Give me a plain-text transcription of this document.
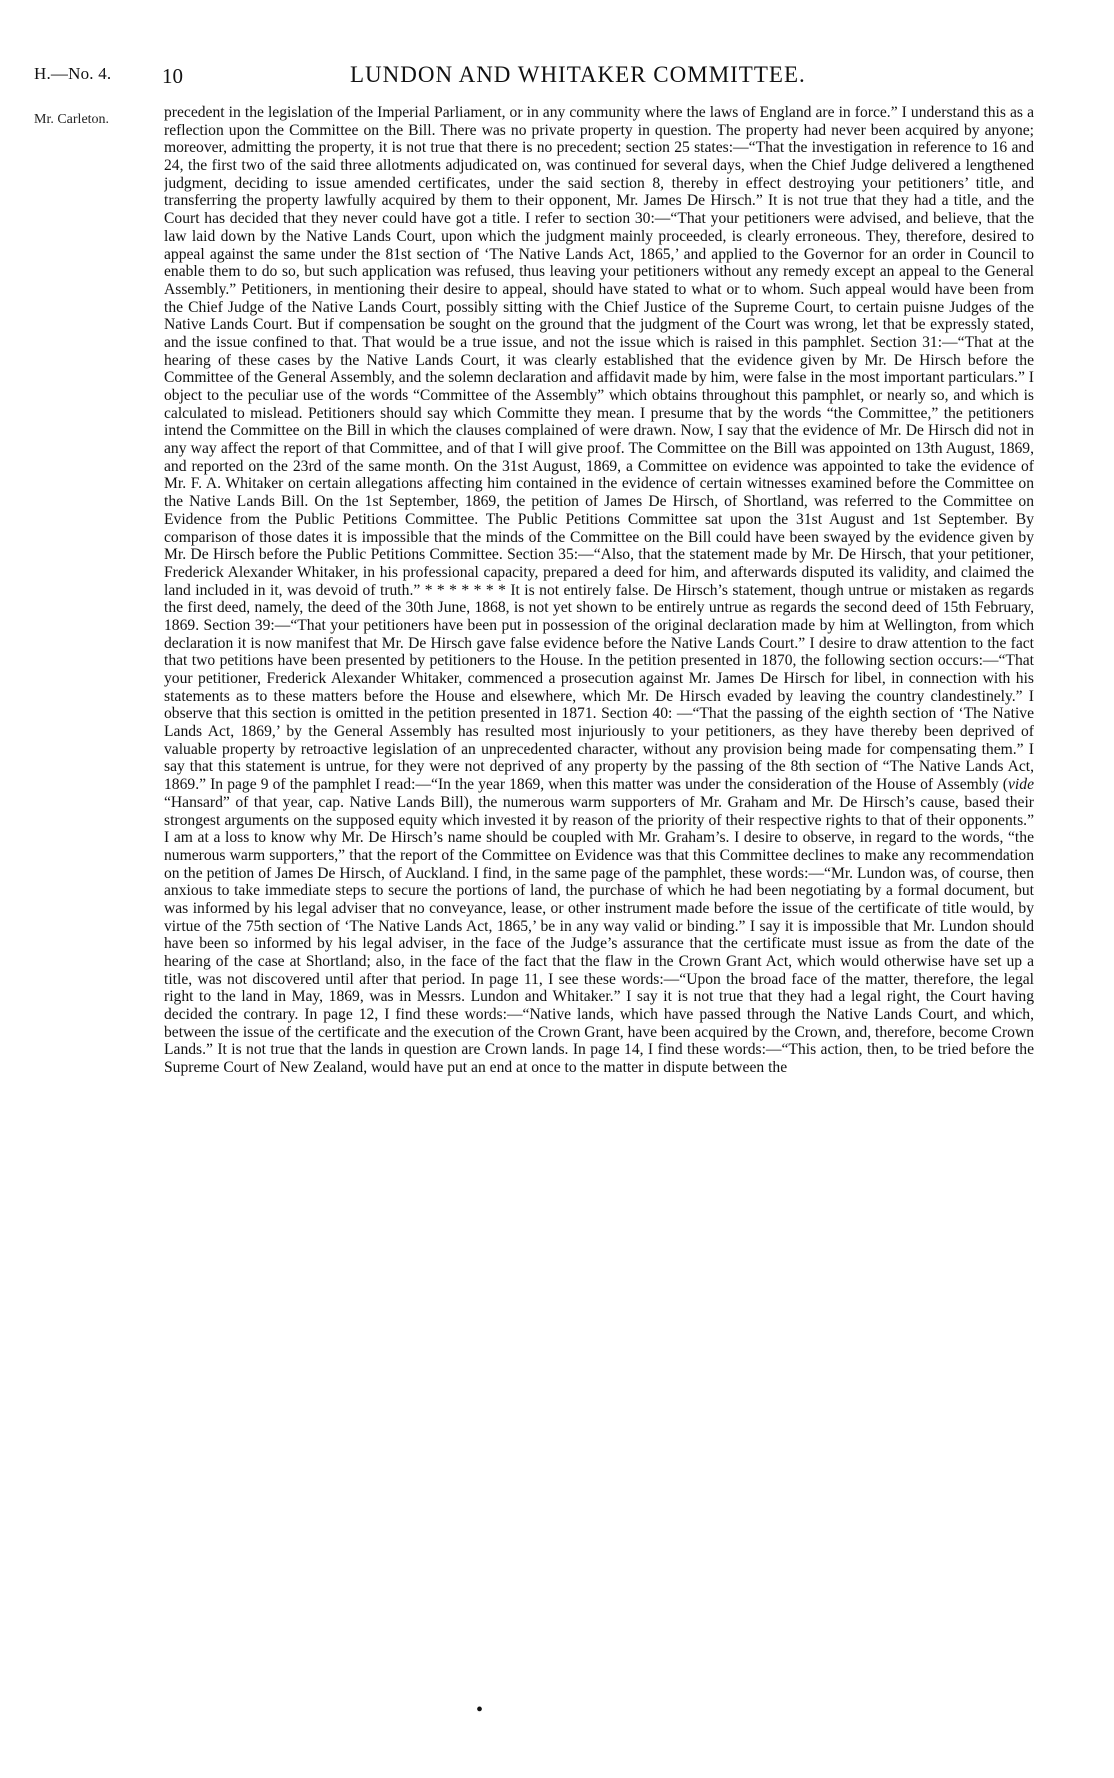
H.—No. 4. 10	LUNDON AND WHITAKER COMMITTEE.
Mr. Carleton.	precedent in the legislation of the Imperial Parliament, or in any community where the laws of England are in force.” I understand this as a reflection upon the Committee on the Bill. There was no private property in question. The property had never been acquired by anyone; moreover, admitting the property, it is not true that there is no precedent; section 25 states:—“That the investigation in reference to 16 and 24, the first two of the said three allotments adjudicated on, was continued for several days, when the Chief Judge delivered a lengthened judgment, deciding to issue amended certificates, under the said section 8, thereby in effect destroying your petitioners’ title, and transferring the property lawfully acquired by them to their opponent, Mr. James De Hirsch.” It is not true that they had a title, and the Court has decided that they never could have got a title. I refer to section 30:—“That your petitioners were advised, and believe, that the law laid down by the Native Lands Court, upon which the judgment mainly proceeded, is clearly erroneous. They, therefore, desired to appeal against the same under the 81st section of ‘The Native Lands Act, 1865,’ and applied to the Governor for an order in Council to enable them to do so, but such application was refused, thus leaving your petitioners without any remedy except an appeal to the General Assembly.” Petitioners, in mentioning their desire to appeal, should have stated to what or to whom. Such appeal would have been from the Chief Judge of the Native Lands Court, possibly sitting with the Chief Justice of the Supreme Court, to certain puisne Judges of the Native Lands Court. But if compensation be sought on the ground that the judgment of the Court was wrong, let that be expressly stated, and the issue confined to that. That would be a true issue, and not the issue which is raised in this pamphlet. Section 31:—“That at the hearing of these cases by the Native Lands Court, it was clearly established that the evidence given by Mr. De Hirsch before the Committee of the General Assembly, and the solemn declaration and affidavit made by him, were false in the most important particulars.” I object to the peculiar use of the words “Committee of the Assembly” which obtains throughout this pamphlet, or nearly so, and which is calculated to mislead. Petitioners should say which Committe they mean. I presume that by the words “the Committee,” the petitioners intend the Committee on the Bill in which the clauses complained of were drawn. Now, I say that the evidence of Mr. De Hirsch did not in any way affect the report of that Committee, and of that I will give proof. The Committee on the Bill was appointed on 13th August, 1869, and reported on the 23rd of the same month. On the 31st August, 1869, a Committee on evidence was appointed to take the evidence of Mr. F. A. Whitaker on certain allegations affecting him contained in the evidence of certain witnesses examined before the Committee on the Native Lands Bill. On the 1st September, 1869, the petition of James De Hirsch, of Shortland, was referred to the Committee on Evidence from the Public Petitions Committee. The Public Petitions Committee sat upon the 31st August and 1st September. By comparison of those dates it is impossible that the minds of the Committee on the Bill could have been swayed by the evidence given by Mr. De Hirsch before the Public Petitions Committee. Section 35:—“Also, that the statement made by Mr. De Hirsch, that your petitioner, Frederick Alexander Whitaker, in his professional capacity, prepared a deed for him, and afterwards disputed its validity, and claimed the land included in it, was devoid of truth.” * * * * * * * It is not entirely false. De Hirsch’s statement, though untrue or mistaken as regards the first deed, namely, the deed of the 30th June, 1868, is not yet shown to be entirely untrue as regards the second deed of 15th February, 1869. Section 39:—“That your petitioners have been put in possession of the original declaration made by him at Wellington, from which declaration it is now manifest that Mr. De Hirsch gave false evidence before the Native Lands Court.” I desire to draw attention to the fact that two petitions have been presented by petitioners to the House. In the petition presented in 1870, the following section occurs:—“That your petitioner, Frederick Alexander Whitaker, commenced a prosecution against Mr. James De Hirsch for libel, in connection with his statements as to these matters before the House and elsewhere, which Mr. De Hirsch evaded by leaving the country clandestinely.” I observe that this section is omitted in the petition presented in 1871. Section 40: —“That the passing of the eighth section of ‘The Native Lands Act, 1869,’ by the General Assembly has resulted most injuriously to your petitioners, as they have thereby been deprived of valuable property by retroactive legislation of an unprecedented character, without any provision being made for compensating them.” I say that this statement is untrue, for they were not deprived of any property by the passing of the 8th section of “The Native Lands Act, 1869.” In page 9 of the pamphlet I read:—“In the year 1869, when this matter was under the consideration of the House of Assembly (vide “Hansard” of that year, cap. Native Lands Bill), the numerous warm supporters of Mr. Graham and Mr. De Hirsch’s cause, based their strongest arguments on the supposed equity which invested it by reason of the priority of their respective rights to that of their opponents.” I am at a loss to know why Mr. De Hirsch’s name should be coupled with Mr. Graham’s. I desire to observe, in regard to the words, “the numerous warm supporters,” that the report of the Committee on Evidence was that this Committee declines to make any recommendation on the petition of James De Hirsch, of Auckland. I find, in the same page of the pamphlet, these words:—“Mr. Lundon was, of course, then anxious to take immediate steps to secure the portions of land, the purchase of which he had been negotiating by a formal document, but was informed by his legal adviser that no conveyance, lease, or other instrument made before the issue of the certificate of title would, by virtue of the 75th section of ‘The Native Lands Act, 1865,’ be in any way valid or binding.” I say it is impossible that Mr. Lundon should have been so informed by his legal adviser, in the face of the Judge’s assurance that the certificate must issue as from the date of the hearing of the case at Shortland; also, in the face of the fact that the flaw in the Crown Grant Act, which would otherwise have set up a title, was not discovered until after that period. In page 11, I see these words:—“Upon the broad face of the matter, therefore, the legal right to the land in May, 1869, was in Messrs. Lundon and Whitaker.” I say it is not true that they had a legal right, the Court having decided the contrary. In page 12, I find these words:—“Native lands, which have passed through the Native Lands Court, and which, between the issue of the certificate and the execution of the Crown Grant, have been acquired by the Crown, and, therefore, become Crown Lands.” It is not true that the lands in question are Crown lands. In page 14, I find these words:—“This action, then, to be tried before the Supreme Court of New Zealand, would have put an end at once to the matter in dispute between the

•
